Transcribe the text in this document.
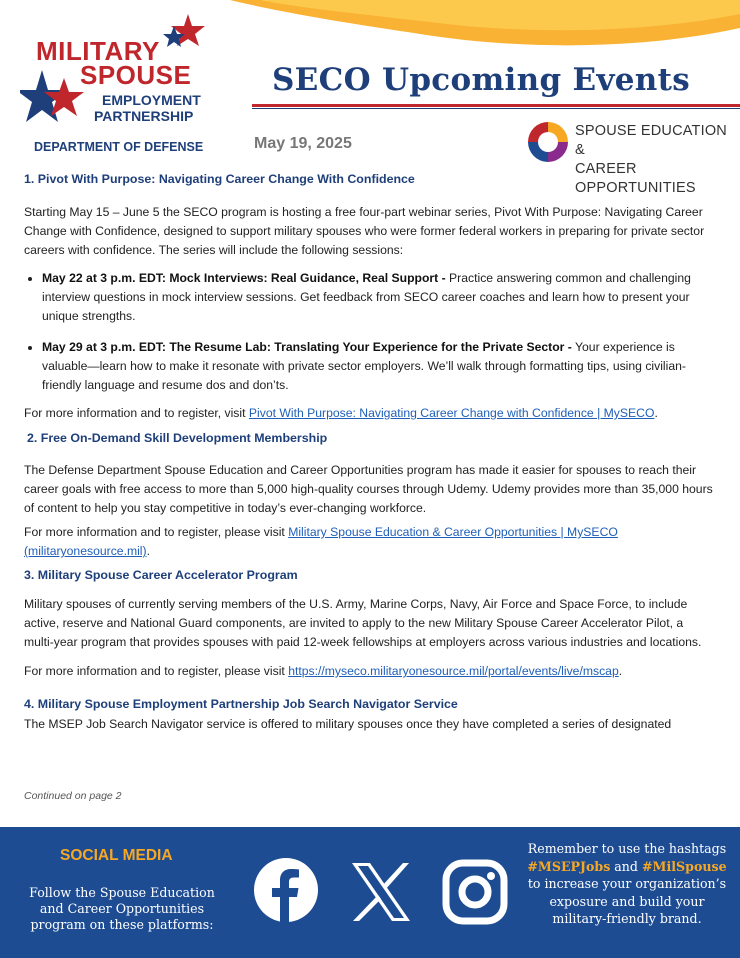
MILITARY
SPOUSE
EMPLOYMENT
PARTNERSHIP
DEPARTMENT OF DEFENSE
SECO Upcoming Events
May 19, 2025
SPOUSE EDUCATION &
CAREER OPPORTUNITIES

1. Pivot With Purpose: Navigating Career Change With Confidence

Starting May 15 – June 5 the SECO program is hosting a free four-part webinar series, Pivot With Purpose: Navigating Career Change with Confidence, designed to support military spouses who were former federal workers in preparing for private sector careers with confidence. The series will include the following sessions:

• May 22 at 3 p.m. EDT: Mock Interviews: Real Guidance, Real Support - Practice answering common and challenging interview questions in mock interview sessions. Get feedback from SECO career coaches and learn how to present your unique strengths.
• May 29 at 3 p.m. EDT: The Resume Lab: Translating Your Experience for the Private Sector - Your experience is valuable—learn how to make it resonate with private sector employers. We’ll walk through formatting tips, using civilian-friendly language and resume dos and don’ts.

For more information and to register, visit Pivot With Purpose: Navigating Career Change with Confidence | MySECO.

2. Free On-Demand Skill Development Membership

The Defense Department Spouse Education and Career Opportunities program has made it easier for spouses to reach their career goals with free access to more than 5,000 high-quality courses through Udemy. Udemy provides more than 35,000 hours of content to help you stay competitive in today’s ever-changing workforce.

For more information and to register, please visit Military Spouse Education & Career Opportunities | MySECO (militaryonesource.mil).

3. Military Spouse Career Accelerator Program

Military spouses of currently serving members of the U.S. Army, Marine Corps, Navy, Air Force and Space Force, to include active, reserve and National Guard components, are invited to apply to the new Military Spouse Career Accelerator Pilot, a multi-year program that provides spouses with paid 12-week fellowships at employers across various industries and locations.

For more information and to register, please visit https://myseco.militaryonesource.mil/portal/events/live/mscap.

4. Military Spouse Employment Partnership Job Search Navigator Service

The MSEP Job Search Navigator service is offered to military spouses once they have completed a series of designated

Continued on page 2
SOCIAL MEDIA
Follow the Spouse Education and Career Opportunities program on these platforms:
Remember to use the hashtags #MSEPJobs and #MilSpouse to increase your organization’s exposure and build your military-friendly brand.
